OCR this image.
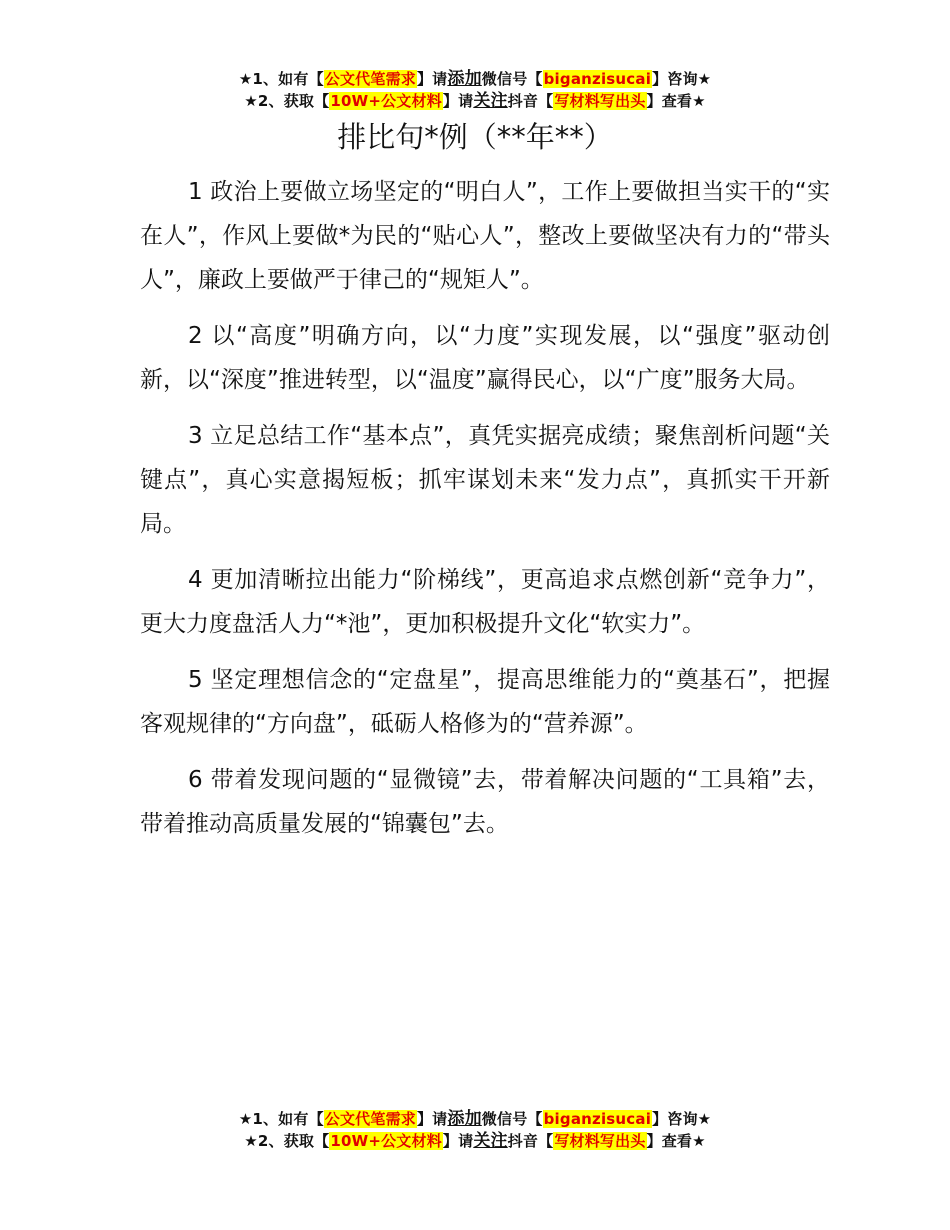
★1、如有【公文代笔需求】请添加微信号【biganzisucai】咨询★
★2、获取【10W+公文材料】请关注抖音【写材料写出头】查看★
排比句*例（**年**）

1 政治上要做立场坚定的“明白人”，工作上要做担当实干的“实在人”，作风上要做*为民的“贴心人”，整改上要做坚决有力的“带头人”，廉政上要做严于律己的“规矩人”。

2 以“高度”明确方向，以“力度”实现发展，以“强度”驱动创新，以“深度”推进转型，以“温度”赢得民心，以“广度”服务大局。

3 立足总结工作“基本点”，真凭实据亮成绩；聚焦剖析问题“关键点”，真心实意揭短板；抓牢谋划未来“发力点”，真抓实干开新局。

4 更加清晰拉出能力“阶梯线”，更高追求点燃创新“竞争力”，更大力度盘活人力“*池”，更加积极提升文化“软实力”。

5 坚定理想信念的“定盘星”，提高思维能力的“奠基石”，把握客观规律的“方向盘”，砥砺人格修为的“营养源”。

6 带着发现问题的“显微镜”去，带着解决问题的“工具箱”去，带着推动高质量发展的“锦囊包”去。

★1、如有【公文代笔需求】请添加微信号【biganzisucai】咨询★
★2、获取【10W+公文材料】请关注抖音【写材料写出头】查看★
